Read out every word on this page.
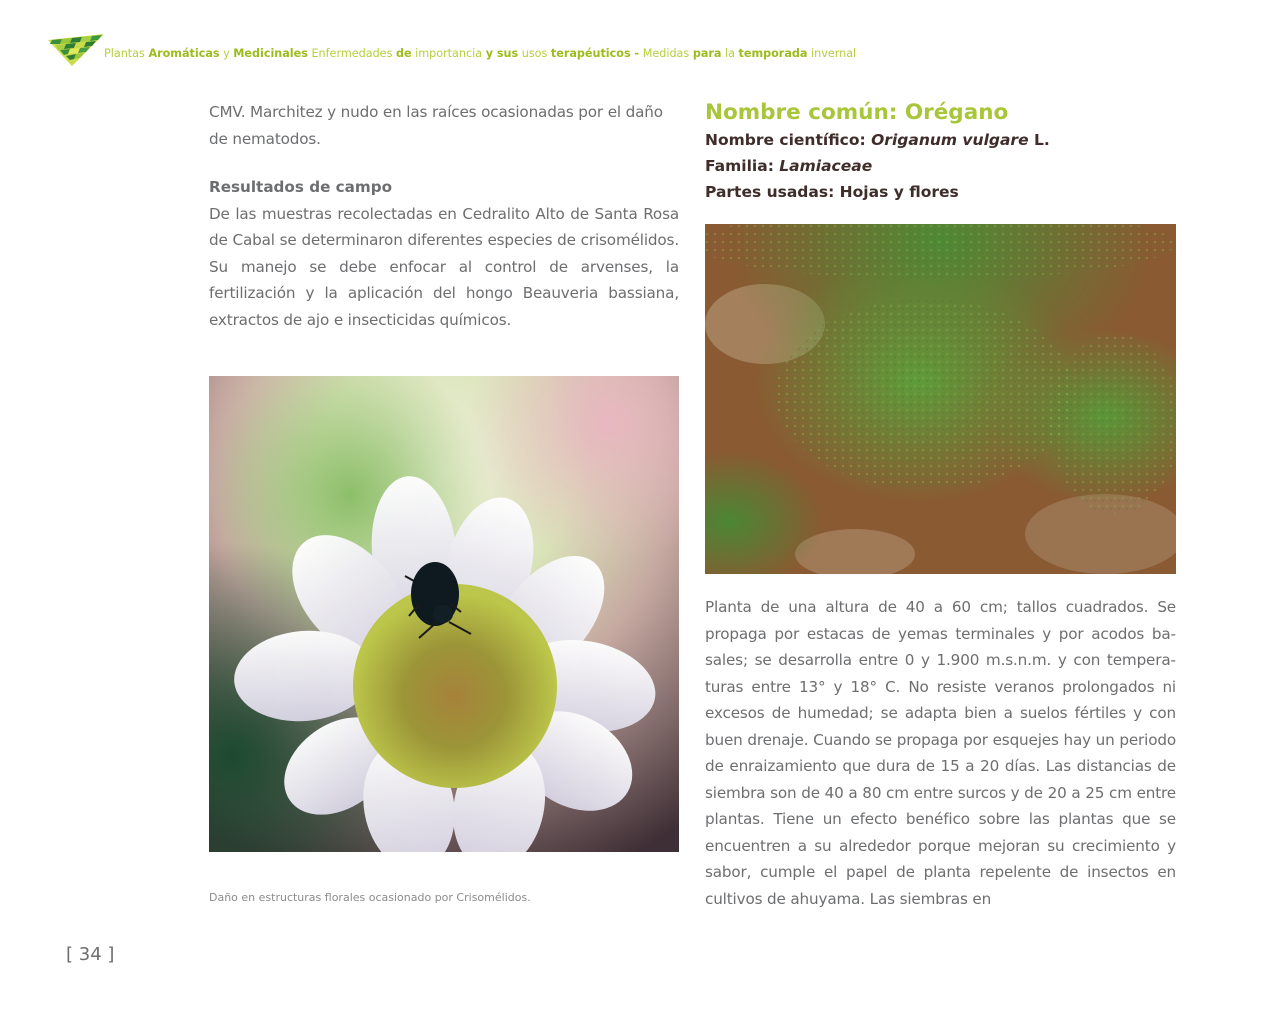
Plantas Aromáticas y Medicinales Enfermedades de importancia y sus usos terapéuticos - Medidas para la temporada invernal

CMV. Marchitez y nudo en las raíces ocasionadas por el daño de nematodos.

Resultados de campo

De las muestras recolectadas en Cedralito Alto de Santa Rosa de Cabal se determinaron diferentes especies de crisomélidos. Su manejo se debe enfocar al control de arvenses, la fertilización y la aplicación del hongo Beauveria bassiana, extractos de ajo e insecticidas químicos.

Daño en estructuras florales ocasionado por Crisomélidos.
[ 34 ]
Nombre común: Orégano

Nombre científico: Origanum vulgare L.

Familia: Lamiaceae

Partes usadas: Hojas y flores

Planta de una altura de 40 a 60 cm; tallos cuadrados. Se propaga por estacas de yemas terminales y por acodos basales; se desarrolla entre 0 y 1.900 m.s.n.m. y con temperaturas entre 13° y 18° C. No resiste veranos prolongados ni excesos de humedad; se adapta bien a suelos fértiles y con buen drenaje. Cuando se propaga por esquejes hay un periodo de enraizamiento que dura de 15 a 20 días. Las distancias de siembra son de 40 a 80 cm entre surcos y de 20 a 25 cm entre plantas. Tiene un efecto benéfico sobre las plantas que se encuentren a su alrededor porque mejoran su crecimiento y sabor, cumple el papel de planta repelente de insectos en cultivos de ahuyama. Las siembras en
